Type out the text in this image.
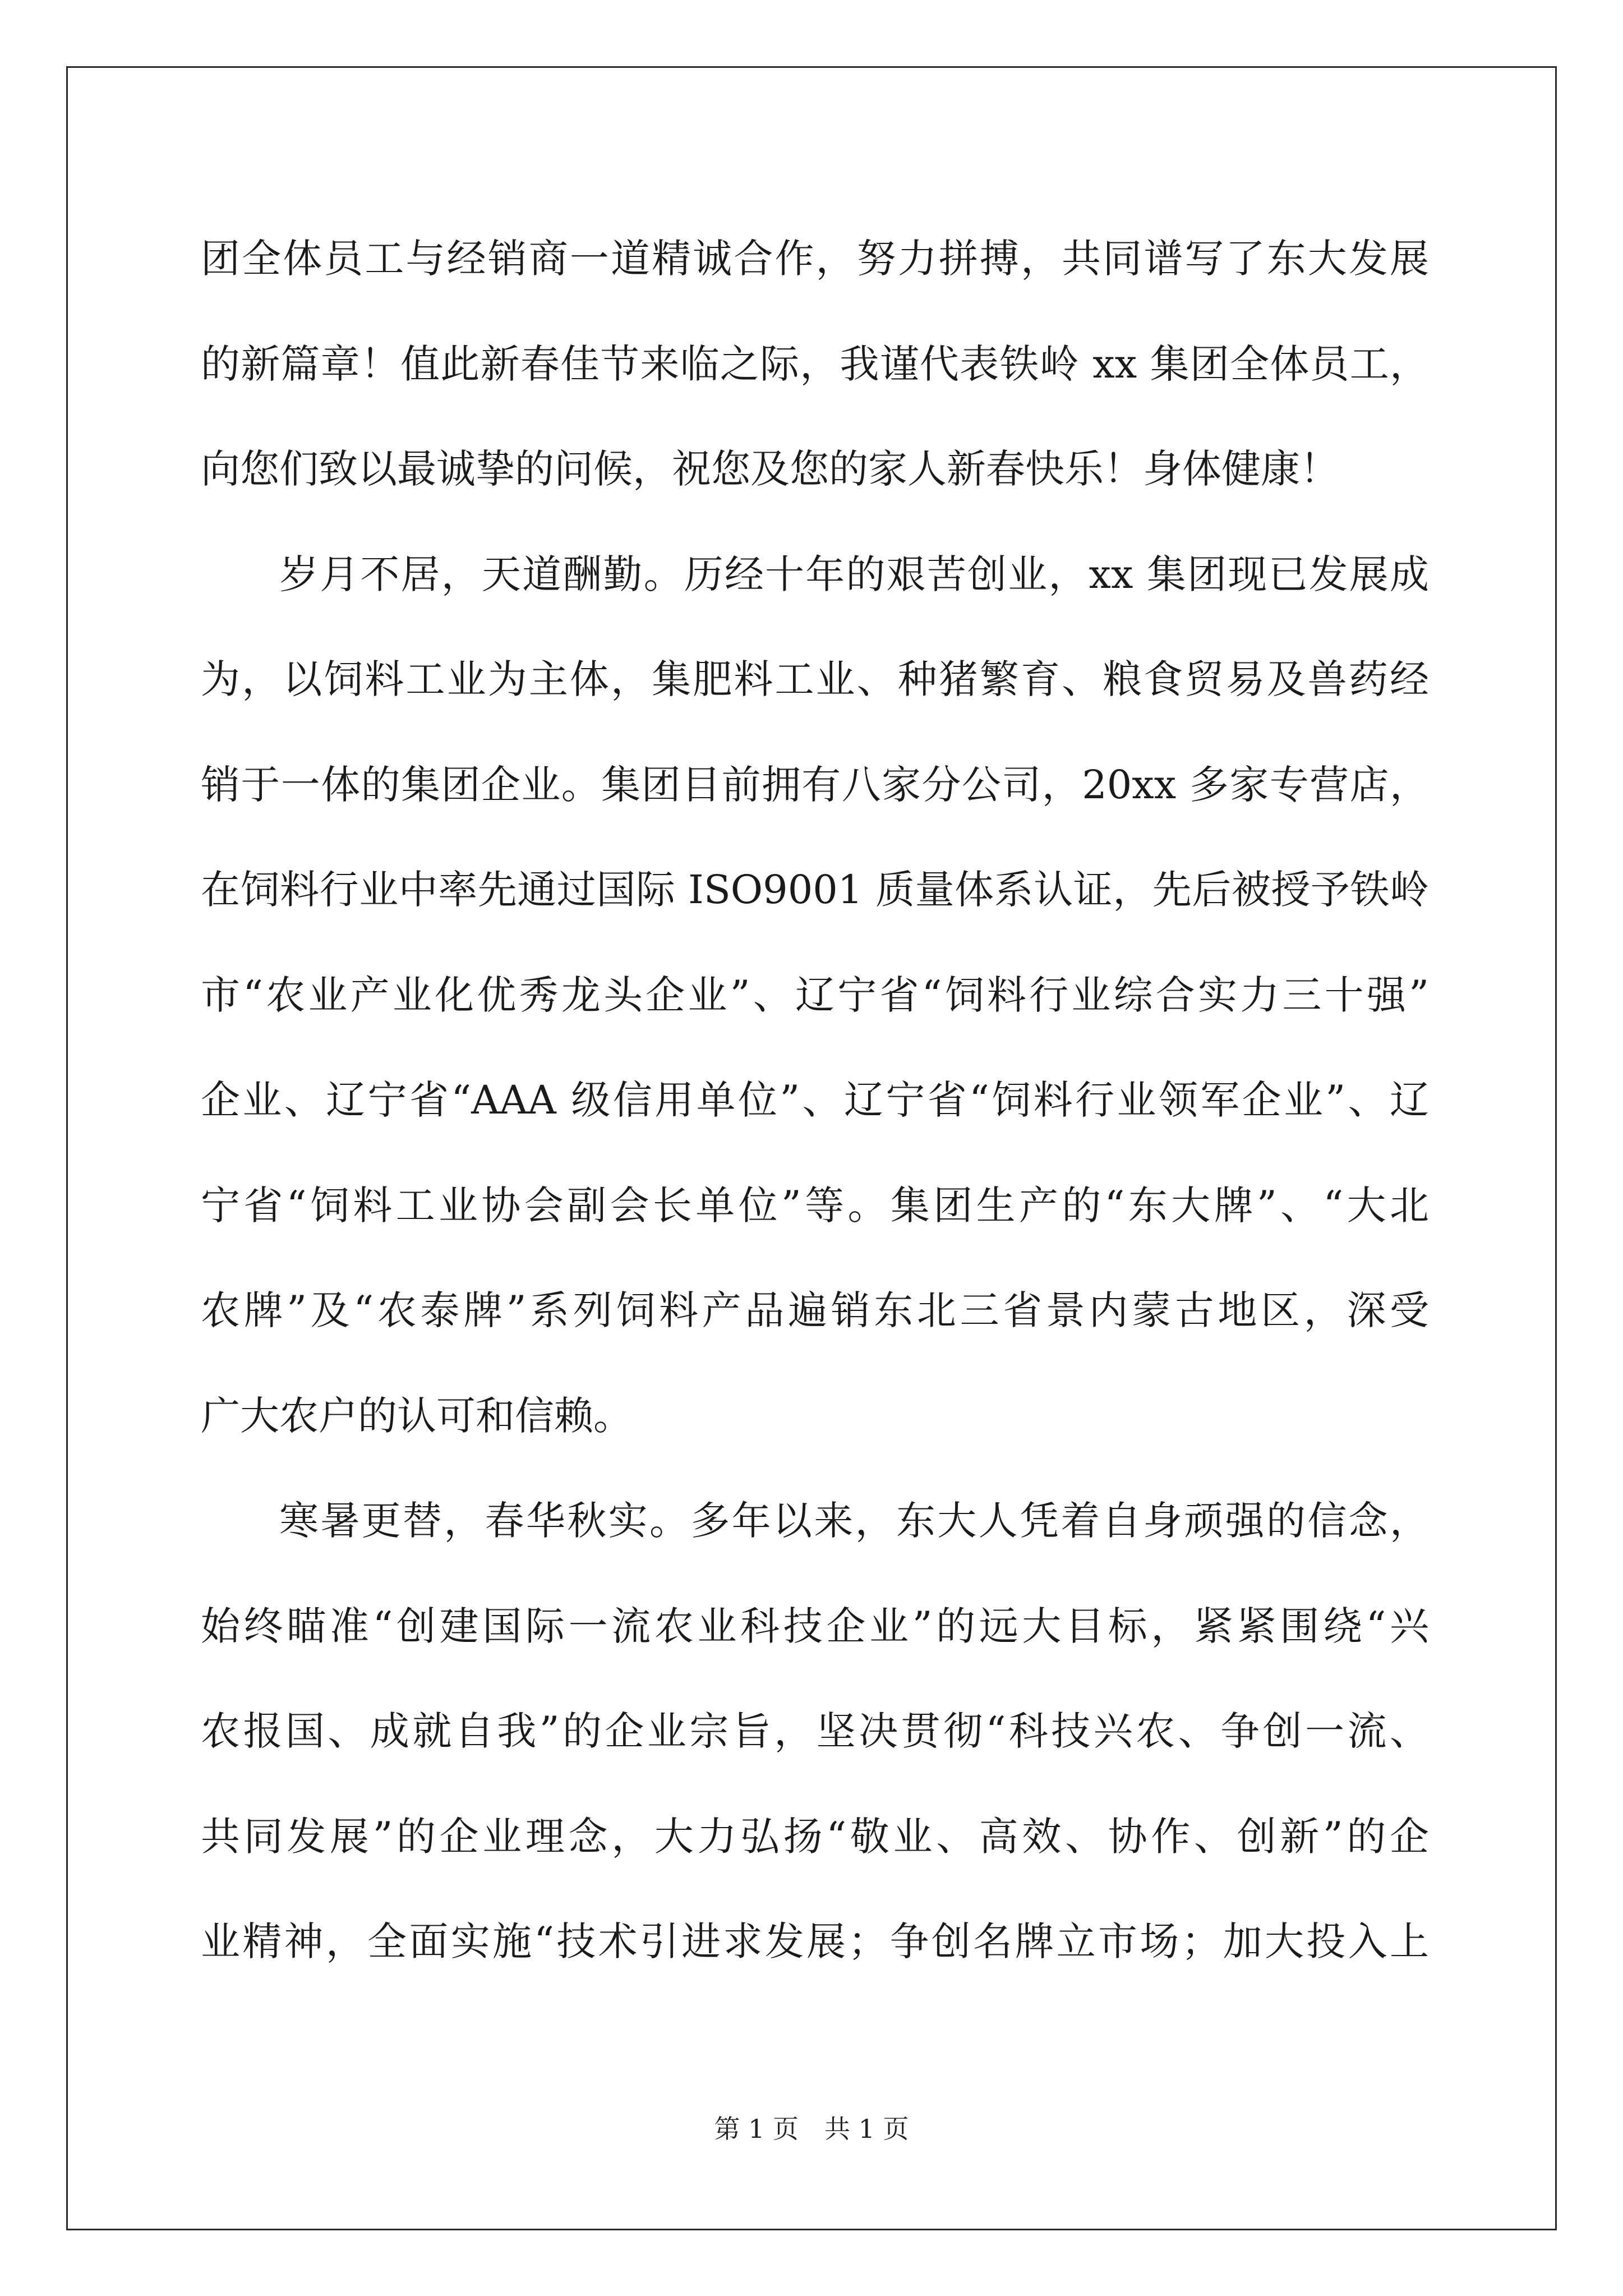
团全体员工与经销商一道精诚合作，努力拼搏，共同谱写了东大发展
的新篇章！值此新春佳节来临之际，我谨代表铁岭 xx 集团全体员工，
向您们致以最诚挚的问候，祝您及您的家人新春快乐！身体健康！
岁月不居，天道酬勤。历经十年的艰苦创业，xx 集团现已发展成
为，以饲料工业为主体，集肥料工业、种猪繁育、粮食贸易及兽药经
销于一体的集团企业。集团目前拥有八家分公司，20xx 多家专营店，
在饲料行业中率先通过国际 ISO9001 质量体系认证，先后被授予铁岭
市“农业产业化优秀龙头企业”、辽宁省“饲料行业综合实力三十强”
企业、辽宁省“AAA 级信用单位”、辽宁省“饲料行业领军企业”、辽
宁省“饲料工业协会副会长单位”等。集团生产的“东大牌”、“大北
农牌”及“农泰牌”系列饲料产品遍销东北三省景内蒙古地区，深受
广大农户的认可和信赖。
寒暑更替，春华秋实。多年以来，东大人凭着自身顽强的信念，
始终瞄准“创建国际一流农业科技企业”的远大目标，紧紧围绕“兴
农报国、成就自我”的企业宗旨，坚决贯彻“科技兴农、争创一流、
共同发展”的企业理念，大力弘扬“敬业、高效、协作、创新”的企
业精神，全面实施“技术引进求发展；争创名牌立市场；加大投入上
第 1 页　共 1 页
